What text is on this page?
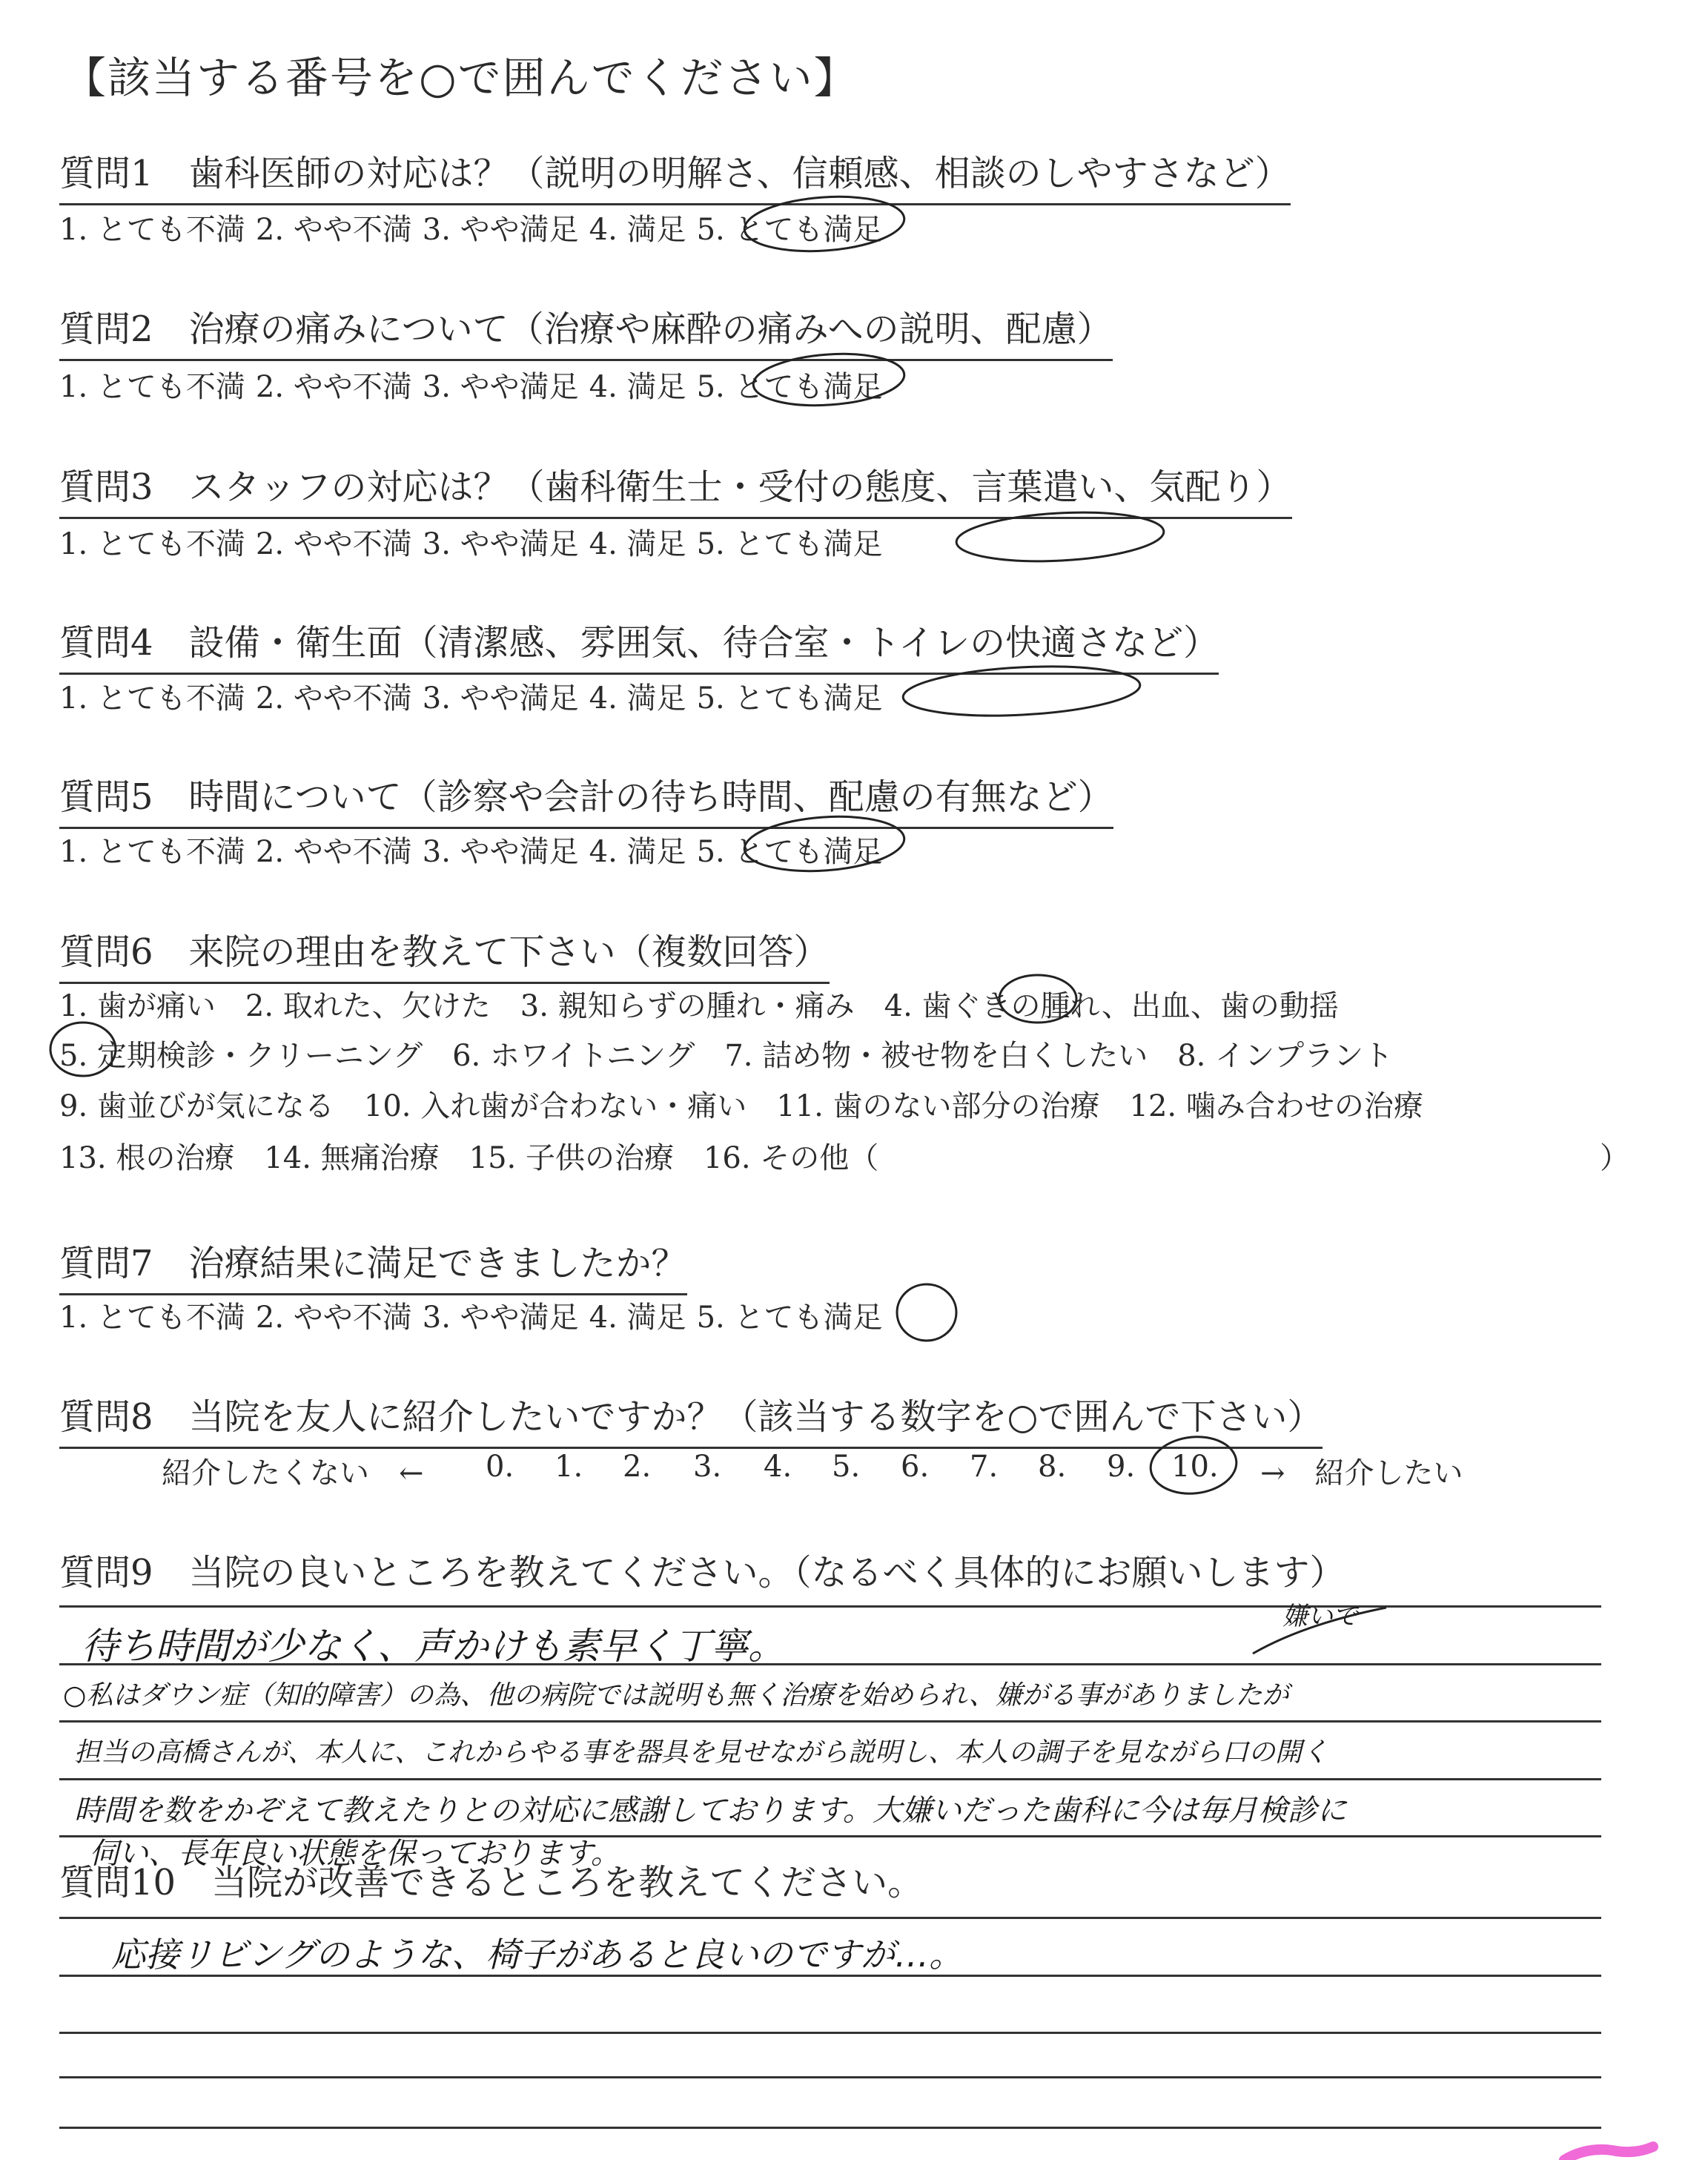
【該当する番号を○で囲んでください】
質問1　歯科医師の対応は？（説明の明解さ、信頼感、相談のしやすさなど）
1. とても不満 2. やや不満 3. やや満足 4. 満足 5. とても満足
質問2　治療の痛みについて（治療や麻酔の痛みへの説明、配慮）
1. とても不満 2. やや不満 3. やや満足 4. 満足 5. とても満足
質問3　スタッフの対応は？（歯科衛生士・受付の態度、言葉遣い、気配り）
1. とても不満 2. やや不満 3. やや満足 4. 満足 5. とても満足
質問4　設備・衛生面（清潔感、雰囲気、待合室・トイレの快適さなど）
1. とても不満 2. やや不満 3. やや満足 4. 満足 5. とても満足
質問5　時間について（診察や会計の待ち時間、配慮の有無など）
1. とても不満 2. やや不満 3. やや満足 4. 満足 5. とても満足
質問6　来院の理由を教えて下さい（複数回答）
1. 歯が痛い　2. 取れた、欠けた　3. 親知らずの腫れ・痛み　4. 歯ぐきの腫れ、出血、歯の動揺
5. 定期検診・クリーニング　6. ホワイトニング　7. 詰め物・被せ物を白くしたい　8. インプラント
9. 歯並びが気になる　10. 入れ歯が合わない・痛い　11. 歯のない部分の治療　12. 噛み合わせの治療
13. 根の治療　14. 無痛治療　15. 子供の治療　16. その他（	）
質問7　治療結果に満足できましたか？
1. とても不満 2. やや不満 3. やや満足 4. 満足 5. とても満足
質問8　当院を友人に紹介したいですか？（該当する数字を○で囲んで下さい）
紹介したくない　← 0. 1. 2. 3. 4. 5. 6. 7. 8. 9. 10. →　紹介したい
質問9　当院の良いところを教えてください。（なるべく具体的にお願いします）
待ち時間が少なく、声かけも素早く丁寧。
嫌いで
○私はダウン症（知的障害）の為、他の病院では説明も無く治療を始められ、嫌がる事がありましたが
担当の高橋さんが、本人に、これからやる事を器具を見せながら説明し、本人の調子を見ながら口の開く
時間を数をかぞえて教えたりとの対応に感謝しております。大嫌いだった歯科に今は毎月検診に
伺い、長年良い状態を保っております。
質問10　当院が改善できるところを教えてください。
応接リビングのような、椅子があると良いのですが…。
